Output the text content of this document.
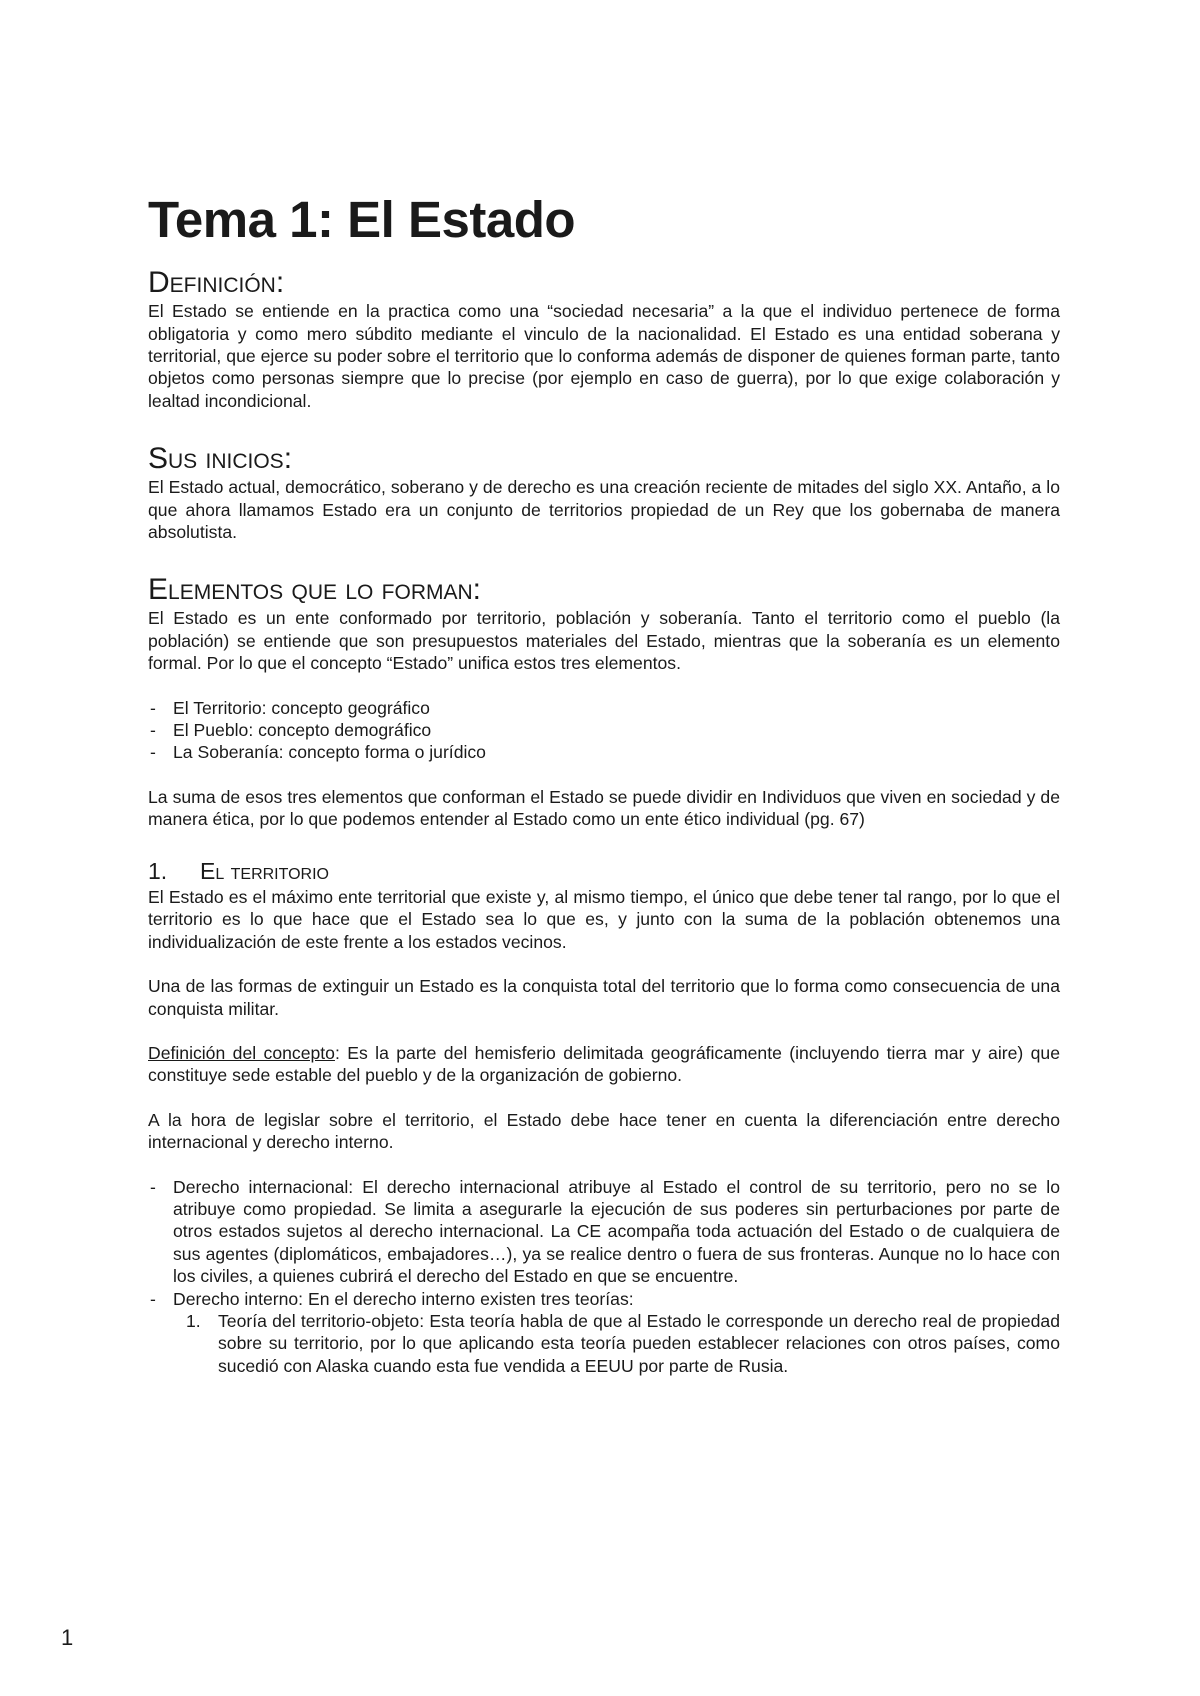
Tema 1: El Estado
Definición:

El Estado se entiende en la practica como una “sociedad necesaria” a la que el individuo pertenece de forma obligatoria y como mero súbdito mediante el vinculo de la nacionalidad. El Estado es una entidad soberana y territorial, que ejerce su poder sobre el territorio que lo conforma además de disponer de quienes forman parte, tanto objetos como personas siempre que lo precise (por ejemplo en caso de guerra), por lo que exige colaboración y lealtad incondicional.

Sus inicios:

El Estado actual, democrático, soberano y de derecho es una creación reciente de mitades del siglo XX. Antaño, a lo que ahora llamamos Estado era un conjunto de territorios propiedad de un Rey que los gobernaba de manera absolutista.

Elementos que lo forman:

El Estado es un ente conformado por territorio, población y soberanía. Tanto el territorio como el pueblo (la población) se entiende que son presupuestos materiales del Estado, mientras que la soberanía es un elemento formal. Por lo que el concepto “Estado” unifica estos tres elementos.

- El Territorio: concepto geográfico
- El Pueblo: concepto demográfico
- La Soberanía: concepto forma o jurídico

La suma de esos tres elementos que conforman el Estado se puede dividir en Individuos que viven en sociedad y de manera ética, por lo que podemos entender al Estado como un ente ético individual (pg. 67)

1.	El territorio

El Estado es el máximo ente territorial que existe y, al mismo tiempo, el único que debe tener tal rango, por lo que el territorio es lo que hace que el Estado sea lo que es, y junto con la suma de la población obtenemos una individualización de este frente a los estados vecinos.

Una de las formas de extinguir un Estado es la conquista total del territorio que lo forma como consecuencia de una conquista militar.

Definición del concepto: Es la parte del hemisferio delimitada geográficamente (incluyendo tierra mar y aire) que constituye sede estable del pueblo y de la organización de gobierno.

A la hora de legislar sobre el territorio, el Estado debe hace tener en cuenta la diferenciación entre derecho internacional y derecho interno.

- Derecho internacional: El derecho internacional atribuye al Estado el control de su territorio, pero no se lo atribuye como propiedad. Se limita a asegurarle la ejecución de sus poderes sin perturbaciones por parte de otros estados sujetos al derecho internacional. La CE acompaña toda actuación del Estado o de cualquiera de sus agentes (diplomáticos, embajadores…), ya se realice dentro o fuera de sus fronteras. Aunque no lo hace con los civiles, a quienes cubrirá el derecho del Estado en que se encuentre.
- Derecho interno: En el derecho interno existen tres teorías:
1. Teoría del territorio-objeto: Esta teoría habla de que al Estado le corresponde un derecho real de propiedad sobre su territorio, por lo que aplicando esta teoría pueden establecer relaciones con otros países, como sucedió con Alaska cuando esta fue vendida a EEUU por parte de Rusia.
1
